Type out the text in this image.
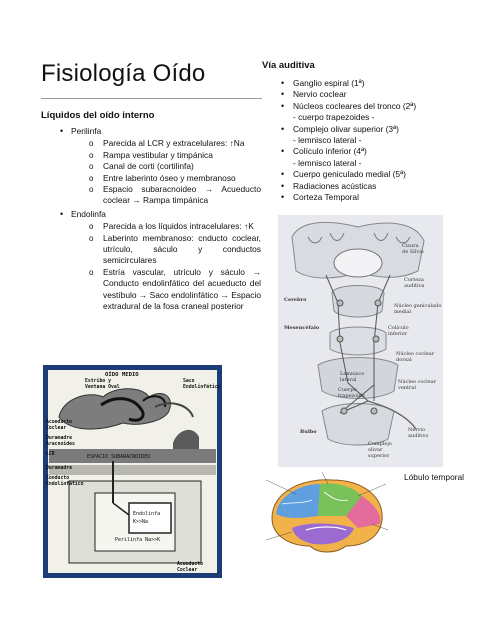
Fisiología Oído
Líquidos del oído interno
• Perilinfa
o Parecida al LCR y extracelulares: ↑Na
o Rampa vestibular y timpánica
o Canal de corti (cortilinfa)
o Entre laberinto óseo y membranoso
o Espacio subaracnoideo → Acueducto coclear → Rampa timpánica
• Endolinfa
o Parecida a los líquidos intracelulares: ↑K
o Laberinto membranoso: cnducto coclear, utrículo, sáculo y conductos semicirculares
o Estría vascular, utrículo y sáculo → Conducto endolinfático del acueducto del vestíbulo → Saco endolinfático → Espacio extradural de la fosa craneal posterior
Vía auditiva
• Ganglio espiral (1ª)
• Nervio coclear
• Núcleos cocleares del tronco (2ª)
- cuerpo trapezoides -
• Complejo olivar superior (3ª)
- lemnisco lateral -
• Colículo inferior (4ª)
- lemnisco lateral -
• Cuerpo geniculado medial (5ª)
• Radiaciones acústicas
• Corteza Temporal
OÍDO MEDIO
Estribo y
Ventana Oval
Saco
Endolinfático
Acueducto
Coclear
Duramadre
Aracnoides
LCR	ESPACIO SUBARACNOIDEO
Duramadre
Conducto
Endolinfático
Endolinfa
K>>Na
Perilinfa Na>>K
Acueducto
Coclear
Cisura
de Silvio
Corteza
auditiva
Cerebro
Núcleo geniculado
medial
Mesencéfalo	Colículo
inferior
Núcleo coclear
dorsal
Lemnisco
lateral	Núcleo coclear
ventral
Cuerpo
trapezoide
Bulbo
Complejo
olivar
superior
Nervio
auditivo
Lóbulo temporal
